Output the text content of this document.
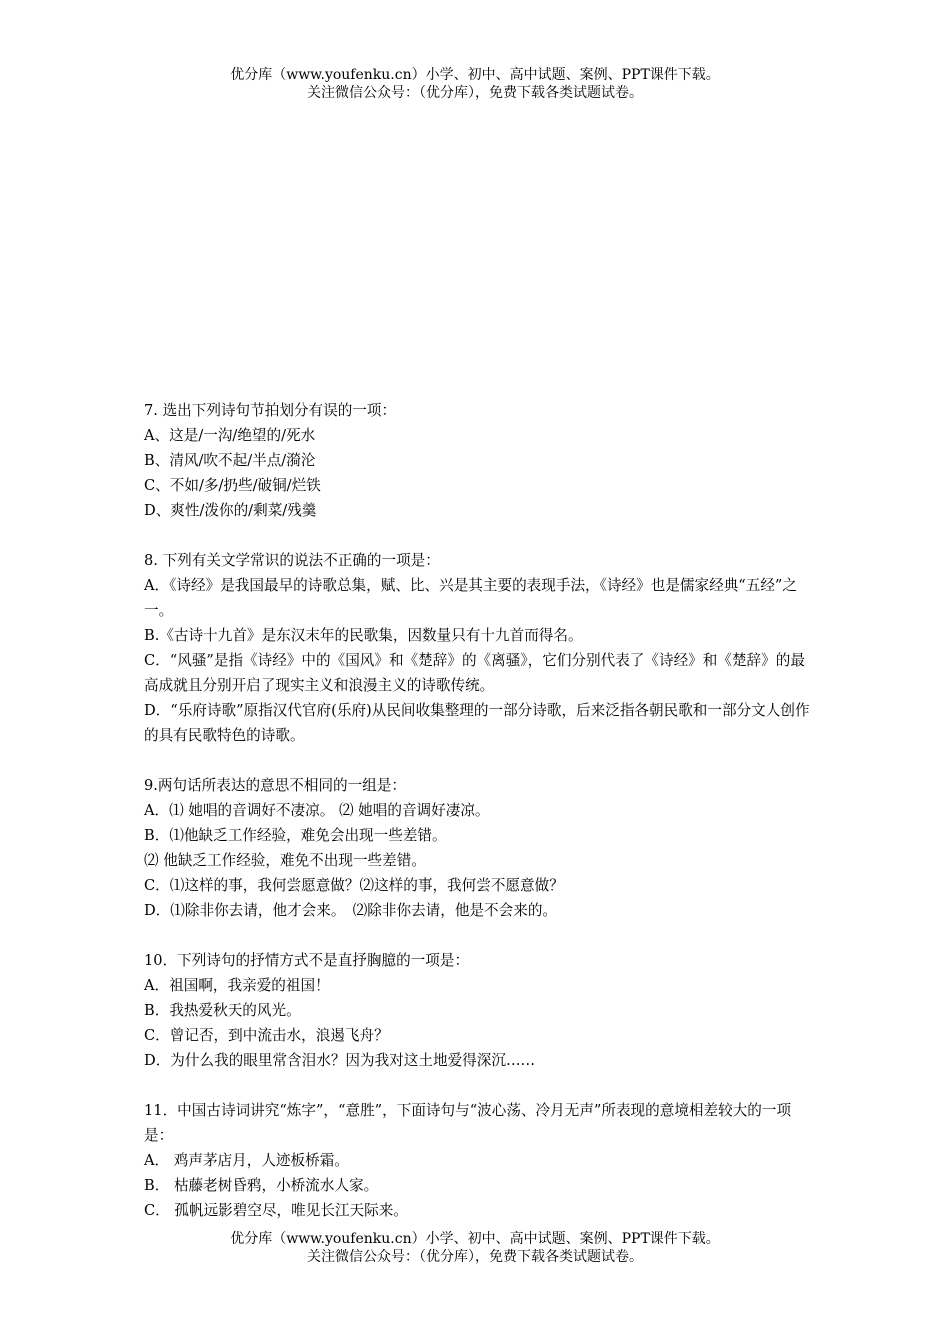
优分库（www.youfenku.cn）小学、初中、高中试题、案例、PPT课件下载。
关注微信公众号：（优分库），免费下载各类试题试卷。

7. 选出下列诗句节拍划分有误的一项：

A、这是/一沟/绝望的/死水

B、清风/吹不起/半点/漪沦

C、不如/多/扔些/破铜/烂铁

D、爽性/泼你的/剩菜/残羹

8. 下列有关文学常识的说法不正确的一项是：

A．《诗经》是我国最早的诗歌总集，赋、比、兴是其主要的表现手法，《诗经》也是儒家经典“五经”之一。

B.《古诗十九首》是东汉末年的民歌集，因数量只有十九首而得名。

C．“风骚”是指《诗经》中的《国风》和《楚辞》的《离骚》，它们分别代表了《诗经》和《楚辞》的最高成就且分别开启了现实主义和浪漫主义的诗歌传统。

D．“乐府诗歌”原指汉代官府(乐府)从民间收集整理的一部分诗歌，后来泛指各朝民歌和一部分文人创作的具有民歌特色的诗歌。

9.两句话所表达的意思不相同的一组是：

A．⑴ 她唱的音调好不凄凉。 ⑵ 她唱的音调好凄凉。

B．⑴他缺乏工作经验，难免会出现一些差错。

⑵ 他缺乏工作经验，难免不出现一些差错。

C．⑴这样的事，我何尝愿意做？⑵这样的事，我何尝不愿意做？

D．⑴除非你去请，他才会来。　⑵除非你去请，他是不会来的。

10．下列诗句的抒情方式不是直抒胸臆的一项是：

A．祖国啊，我亲爱的祖国！

B．我热爱秋天的风光。

C．曾记否，到中流击水，浪遏飞舟？

D．为什么我的眼里常含泪水？因为我对这土地爱得深沉……

11．中国古诗词讲究“炼字”，“意胜”，下面诗句与“波心荡、冷月无声”所表现的意境相差较大的一项是：

A． 鸡声茅店月，人迹板桥霜。

B． 枯藤老树昏鸦，小桥流水人家。

C． 孤帆远影碧空尽，唯见长江天际来。

优分库（www.youfenku.cn）小学、初中、高中试题、案例、PPT课件下载。
关注微信公众号：（优分库），免费下载各类试题试卷。
